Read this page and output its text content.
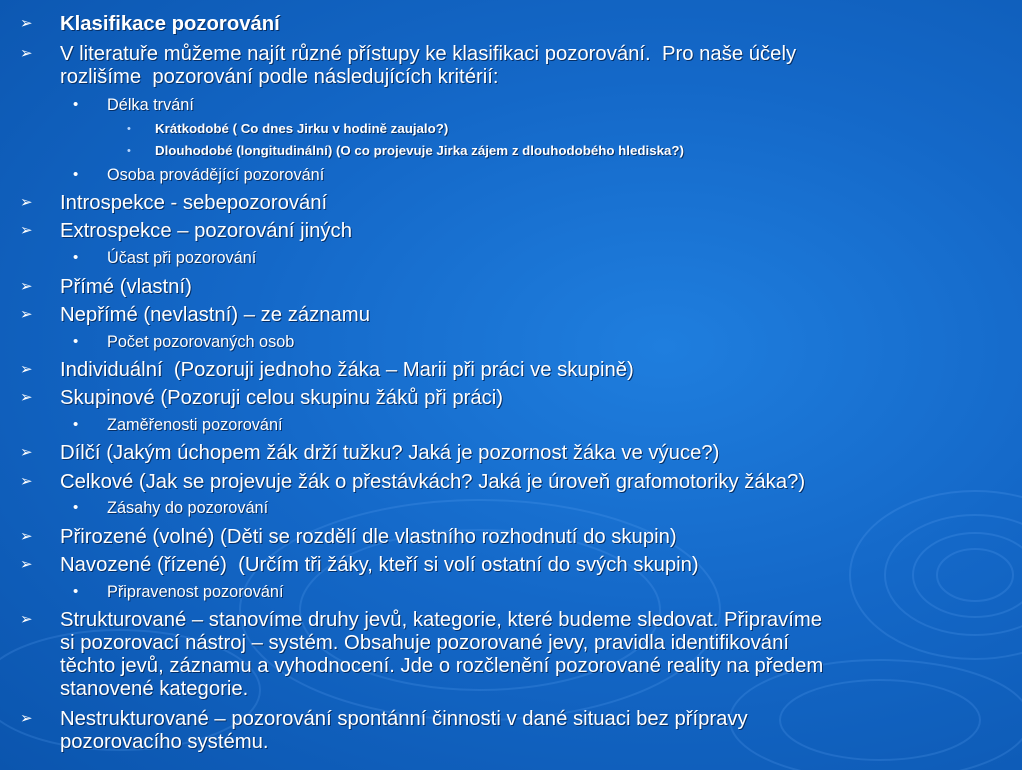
➢ Klasifikace pozorování
➢ V literatuře můžeme najít různé přístupy ke klasifikaci pozorování.  Pro naše účely
rozlišíme  pozorování podle následujících kritérií:
• Délka trvání
• Krátkodobé ( Co dnes Jirku v hodině zaujalo?)
• Dlouhodobé (longitudinální) (O co projevuje Jirka zájem z dlouhodobého hlediska?)
• Osoba provádějící pozorování
➢ Introspekce - sebepozorování
➢ Extrospekce – pozorování jiných
• Účast při pozorování
➢ Přímé (vlastní)
➢ Nepřímé (nevlastní) – ze záznamu
• Počet pozorovaných osob
➢ Individuální  (Pozoruji jednoho žáka – Marii při práci ve skupině)
➢ Skupinové (Pozoruji celou skupinu žáků při práci)
• Zaměřenosti pozorování
➢ Dílčí (Jakým úchopem žák drží tužku? Jaká je pozornost žáka ve výuce?)
➢ Celkové (Jak se projevuje žák o přestávkách? Jaká je úroveň grafomotoriky žáka?)
• Zásahy do pozorování
➢ Přirozené (volné) (Děti se rozdělí dle vlastního rozhodnutí do skupin)
➢ Navozené (řízené)  (Určím tři žáky, kteří si volí ostatní do svých skupin)
• Připravenost pozorování
➢ Strukturované – stanovíme druhy jevů, kategorie, které budeme sledovat. Připravíme
si pozorovací nástroj – systém. Obsahuje pozorované jevy, pravidla identifikování
těchto jevů, záznamu a vyhodnocení. Jde o rozčlenění pozorované reality na předem
stanovené kategorie.
➢ Nestrukturované – pozorování spontánní činnosti v dané situaci bez přípravy
pozorovacího systému.
